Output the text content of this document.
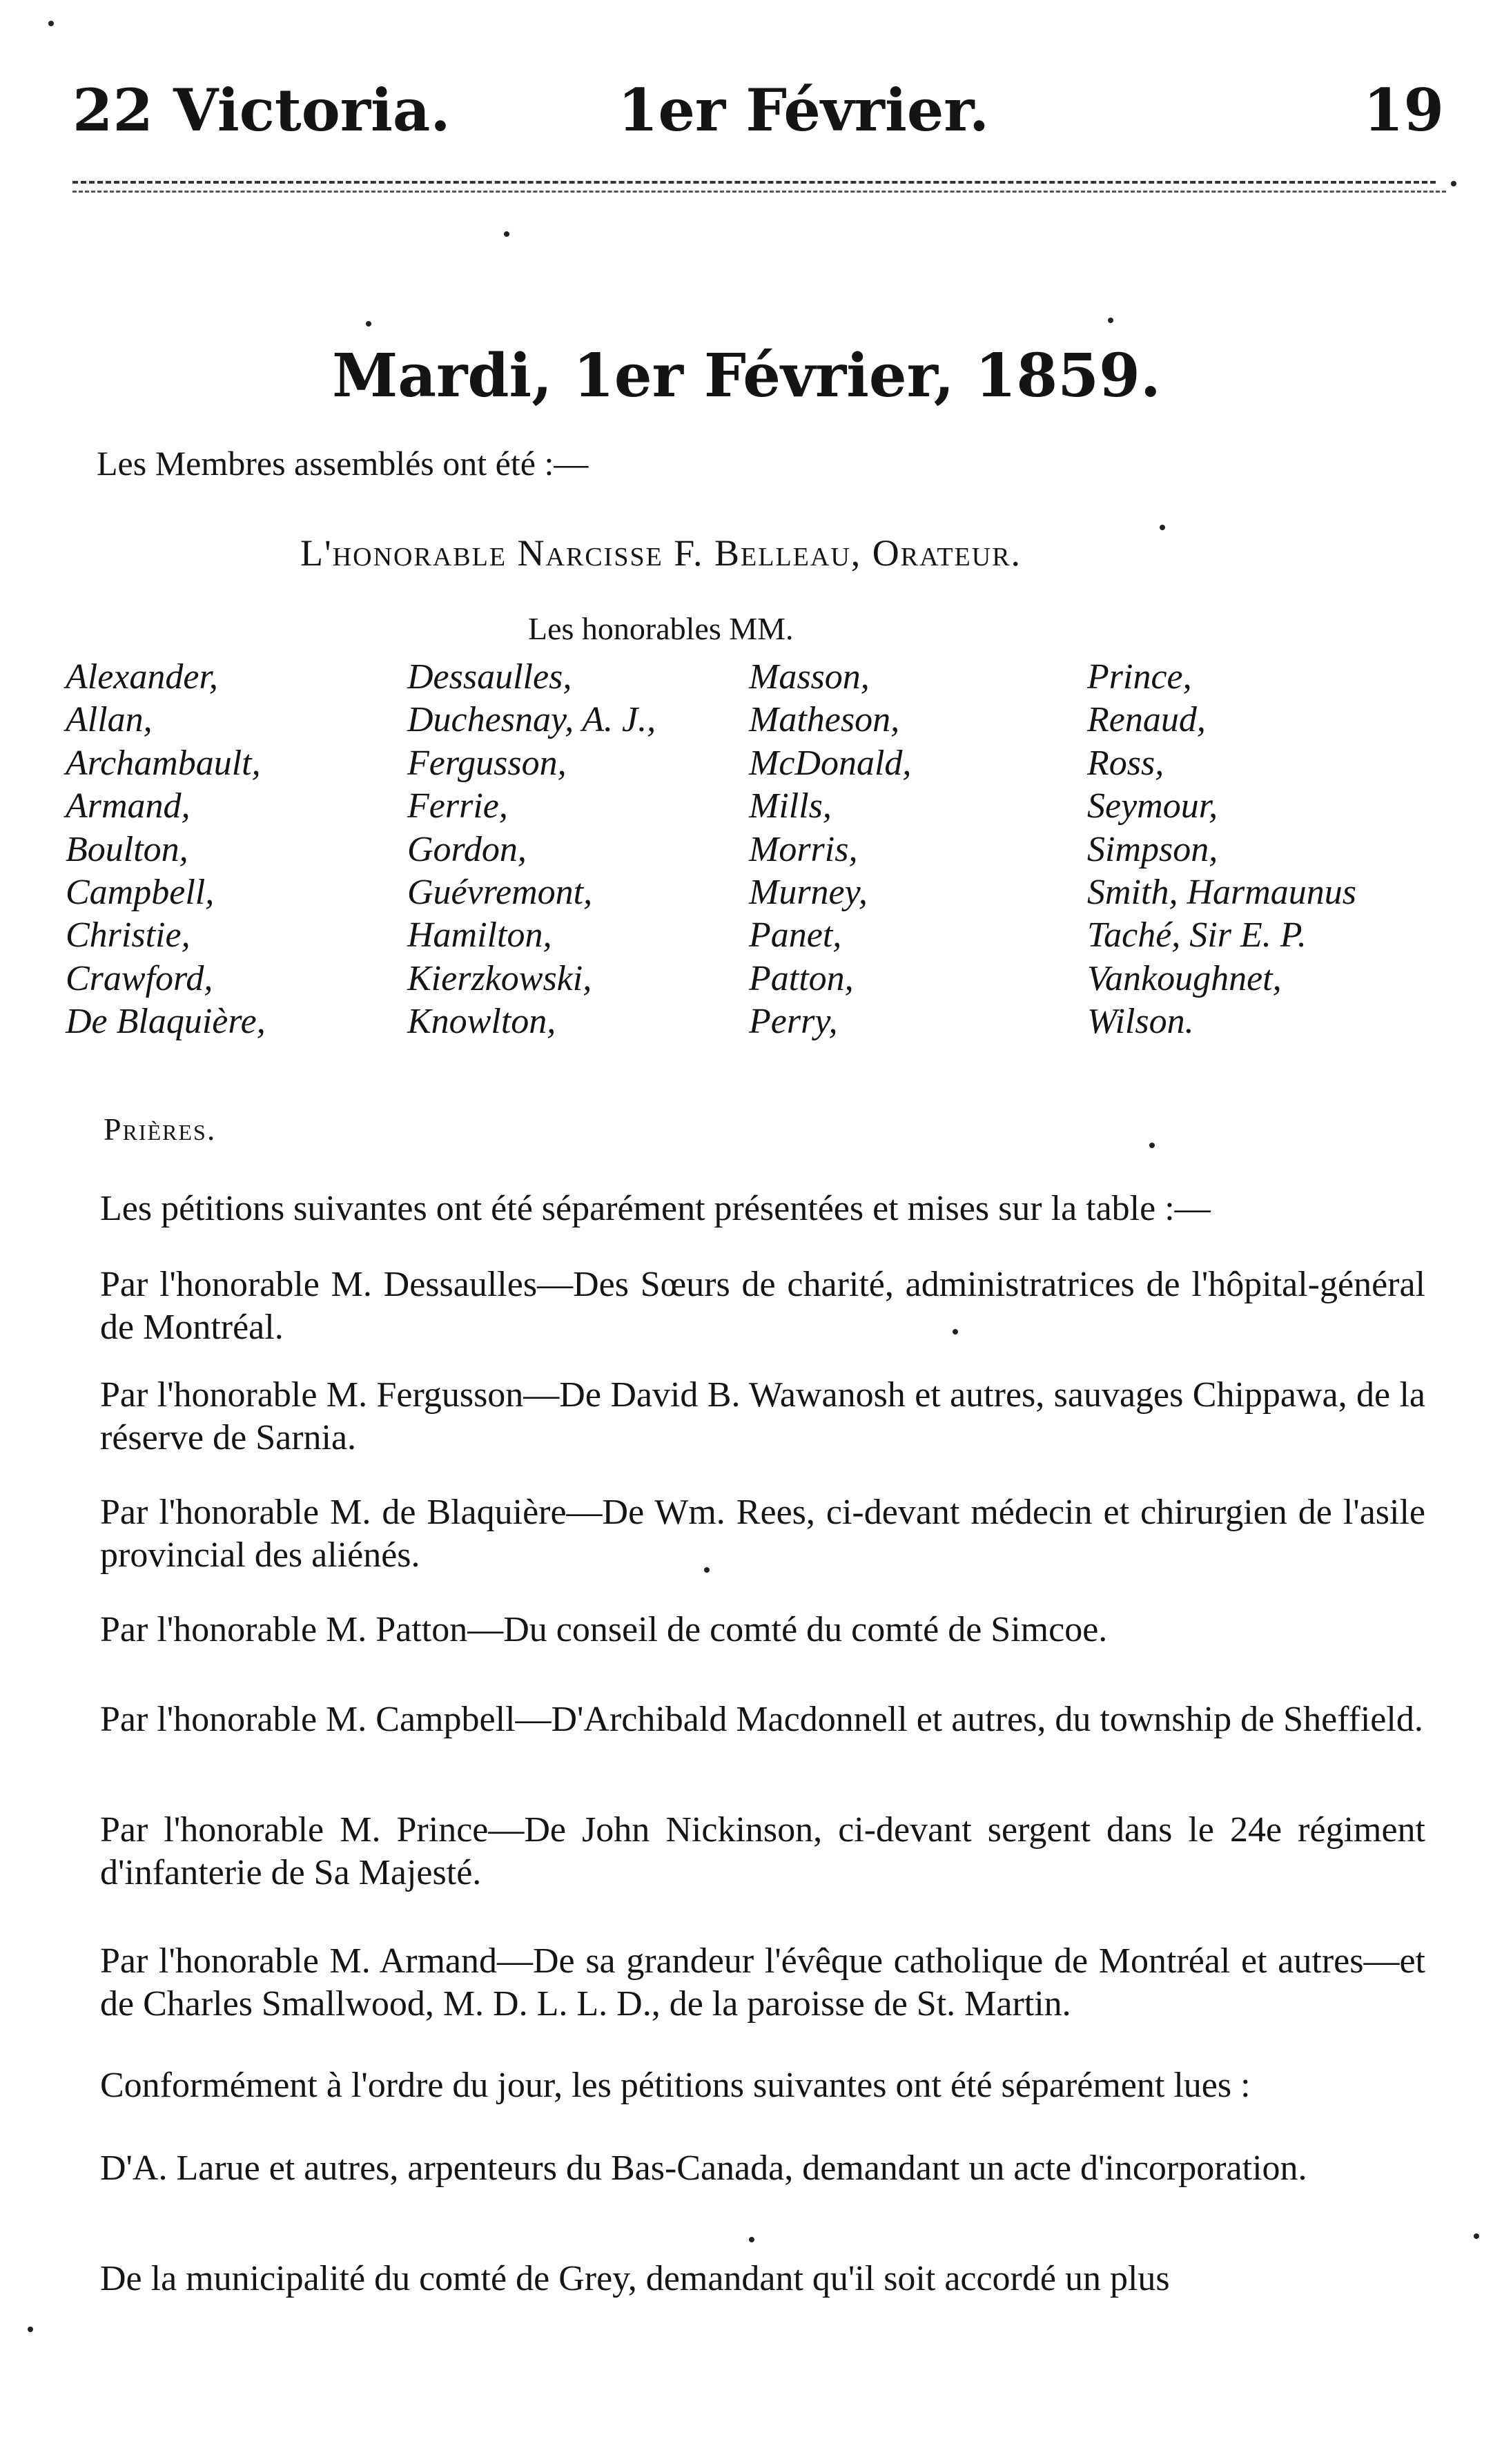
22 Victoria.	1er Février.	19
Mardi, 1er Février, 1859.
Les Membres assemblés ont été :—
L'honorable Narcisse F. Belleau, Orateur.
Les honorables MM.
Alexander,
Allan,
Archambault,
Armand,
Boulton,
Campbell,
Christie,
Crawford,
De Blaquière,
Dessaulles,
Duchesnay, A. J.,
Fergusson,
Ferrie,
Gordon,
Guévremont,
Hamilton,
Kierzkowski,
Knowlton,
Masson,
Matheson,
McDonald,
Mills,
Morris,
Murney,
Panet,
Patton,
Perry,
Prince,
Renaud,
Ross,
Seymour,
Simpson,
Smith, Harmaunus
Taché, Sir E. P.
Vankoughnet,
Wilson.
Prières.
Les pétitions suivantes ont été séparément présentées et mises sur la table :—
Par l'honorable M. Dessaulles—Des Sœurs de charité, administratrices de l'hôpital-général de Montréal.
Par l'honorable M. Fergusson—De David B. Wawanosh et autres, sauvages Chippawa, de la réserve de Sarnia.
Par l'honorable M. de Blaquière—De Wm. Rees, ci-devant médecin et chirurgien de l'asile provincial des aliénés.
Par l'honorable M. Patton—Du conseil de comté du comté de Simcoe.
Par l'honorable M. Campbell—D'Archibald Macdonnell et autres, du township de Sheffield.
Par l'honorable M. Prince—De John Nickinson, ci-devant sergent dans le 24e régiment d'infanterie de Sa Majesté.
Par l'honorable M. Armand—De sa grandeur l'évêque catholique de Montréal et autres—et de Charles Smallwood, M. D. L. L. D., de la paroisse de St. Martin.
Conformément à l'ordre du jour, les pétitions suivantes ont été séparément lues :
D'A. Larue et autres, arpenteurs du Bas-Canada, demandant un acte d'incorporation.
De la municipalité du comté de Grey, demandant qu'il soit accordé un plus
